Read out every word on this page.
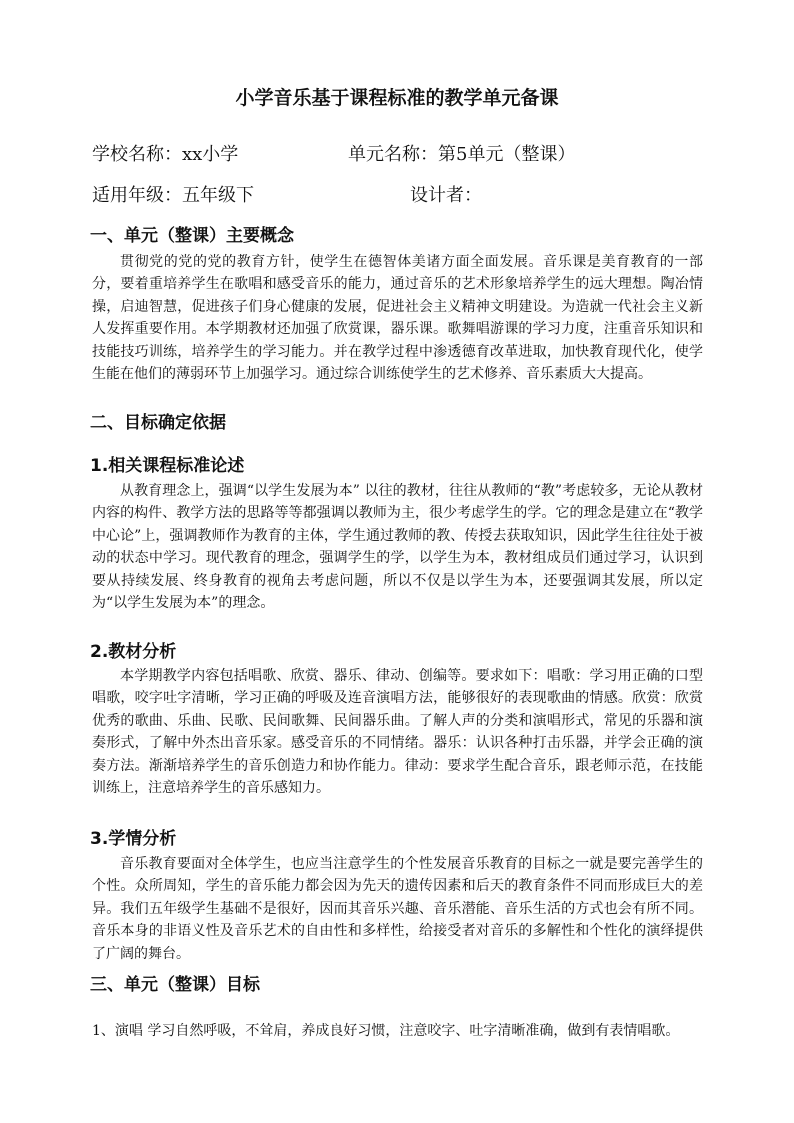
小学音乐基于课程标准的教学单元备课
学校名称：xx小学	单元名称：第5单元（整课）
适用年级：五年级下	设计者：
一、单元（整课）主要概念

贯彻党的党的党的教育方针，使学生在德智体美诸方面全面发展。音乐课是美育教育的一部分，要着重培养学生在歌唱和感受音乐的能力，通过音乐的艺术形象培养学生的远大理想。陶冶情操，启迪智慧，促进孩子们身心健康的发展，促进社会主义精神文明建设。为造就一代社会主义新人发挥重要作用。本学期教材还加强了欣赏课，器乐课。歌舞唱游课的学习力度，注重音乐知识和技能技巧训练，培养学生的学习能力。并在教学过程中渗透德育改革进取，加快教育现代化，使学生能在他们的薄弱环节上加强学习。通过综合训练使学生的艺术修养、音乐素质大大提高。

二、目标确定依据
1.相关课程标准论述

从教育理念上，强调“以学生发展为本” 以往的教材，往往从教师的“教”考虑较多，无论从教材内容的构件、教学方法的思路等等都强调以教师为主，很少考虑学生的学。它的理念是建立在“教学中心论”上，强调教师作为教育的主体，学生通过教师的教、传授去获取知识，因此学生往往处于被动的状态中学习。现代教育的理念，强调学生的学，以学生为本，教材组成员们通过学习，认识到要从持续发展、终身教育的视角去考虑问题，所以不仅是以学生为本，还要强调其发展，所以定为“以学生发展为本”的理念。

2.教材分析

本学期教学内容包括唱歌、欣赏、器乐、律动、创编等。要求如下：唱歌：学习用正确的口型唱歌，咬字吐字清晰，学习正确的呼吸及连音演唱方法，能够很好的表现歌曲的情感。欣赏：欣赏优秀的歌曲、乐曲、民歌、民间歌舞、民间器乐曲。了解人声的分类和演唱形式，常见的乐器和演奏形式，了解中外杰出音乐家。感受音乐的不同情绪。器乐：认识各种打击乐器，并学会正确的演奏方法。渐渐培养学生的音乐创造力和协作能力。律动：要求学生配合音乐，跟老师示范，在技能训练上，注意培养学生的音乐感知力。

3.学情分析

音乐教育要面对全体学生，也应当注意学生的个性发展音乐教育的目标之一就是要完善学生的个性。众所周知，学生的音乐能力都会因为先天的遗传因素和后天的教育条件不同而形成巨大的差异。我们五年级学生基础不是很好，因而其音乐兴趣、音乐潜能、音乐生活的方式也会有所不同。音乐本身的非语义性及音乐艺术的自由性和多样性，给接受者对音乐的多解性和个性化的演绎提供了广阔的舞台。

三、单元（整课）目标

1、演唱 学习自然呼吸，不耸肩，养成良好习惯，注意咬字、吐字清晰准确，做到有表情唱歌。
